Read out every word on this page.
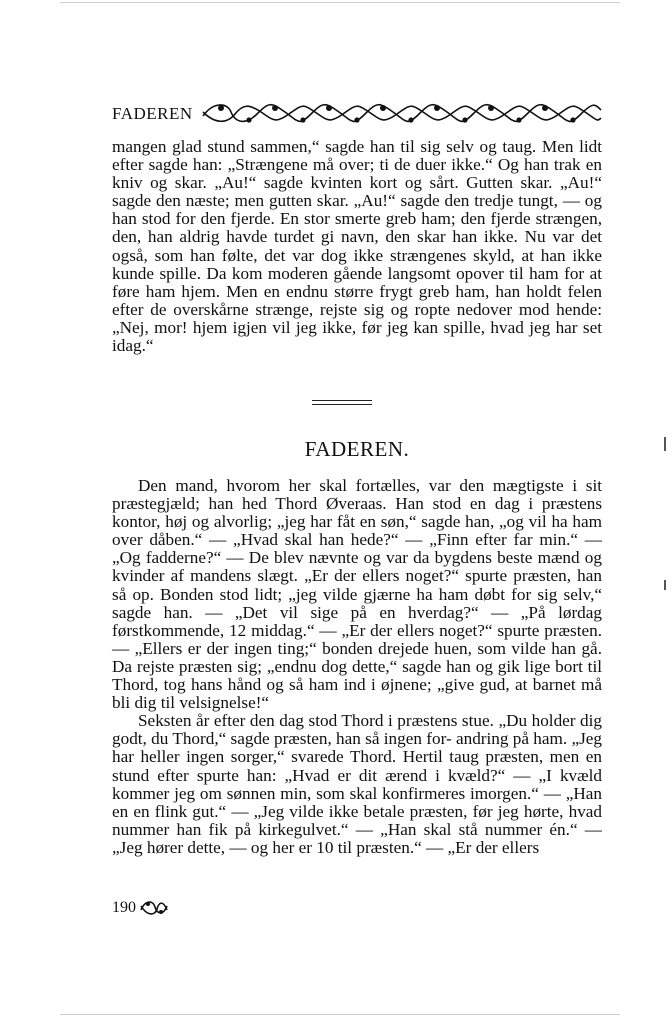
FADEREN

mangen glad stund sammen,“ sagde han til sig selv og taug. Men lidt efter sagde han: „Strængene må over; ti de duer ikke.“ Og han trak en kniv og skar. „Au!“ sagde kvinten kort og sårt. Gutten skar. „Au!“ sagde den næste; men gutten skar. „Au!“ sagde den tredje tungt, — og han stod for den fjerde. En stor smerte greb ham; den fjerde strængen, den, han aldrig havde turdet gi navn, den skar han ikke. Nu var det også, som han følte, det var dog ikke strængenes skyld, at han ikke kunde spille. Da kom moderen gående langsomt opover til ham for at føre ham hjem. Men en endnu større frygt greb ham, han holdt felen efter de overskårne strænge, rejste sig og ropte nedover mod hende: „Nej, mor! hjem igjen vil jeg ikke, før jeg kan spille, hvad jeg har set idag.“

FADEREN.

Den mand, hvorom her skal fortælles, var den mægtigste i sit præstegjæld; han hed Thord Øveraas. Han stod en dag i præstens kontor, høj og alvorlig; „jeg har fåt en søn,“ sagde han, „og vil ha ham over dåben.“ — „Hvad skal han hede?“ — „Finn efter far min.“ — „Og fadderne?“ — De blev nævnte og var da bygdens beste mænd og kvinder af mandens slægt. „Er der ellers noget?“ spurte præsten, han så op. Bonden stod lidt; „jeg vilde gjærne ha ham døbt for sig selv,“ sagde han. — „Det vil sige på en hverdag?“ — „På lørdag førstkommende, 12 middag.“ — „Er der ellers noget?“ spurte præsten. — „Ellers er der ingen ting;“ bonden drejede huen, som vilde han gå. Da rejste præsten sig; „endnu dog dette,“ sagde han og gik lige bort til Thord, tog hans hånd og så ham ind i øjnene; „give gud, at barnet må bli dig til velsignelse!“

Seksten år efter den dag stod Thord i præstens stue. „Du holder dig godt, du Thord,“ sagde præsten, han så ingen for- andring på ham. „Jeg har heller ingen sorger,“ svarede Thord. Hertil taug præsten, men en stund efter spurte han: „Hvad er dit ærend i kvæld?“ — „I kvæld kommer jeg om sønnen min, som skal konfirmeres imorgen.“ — „Han en en flink gut.“ — „Jeg vilde ikke betale præsten, før jeg hørte, hvad nummer han fik på kirkegulvet.“ — „Han skal stå nummer én.“ — „Jeg hører dette, — og her er 10 til præsten.“ — „Er der ellers

190
